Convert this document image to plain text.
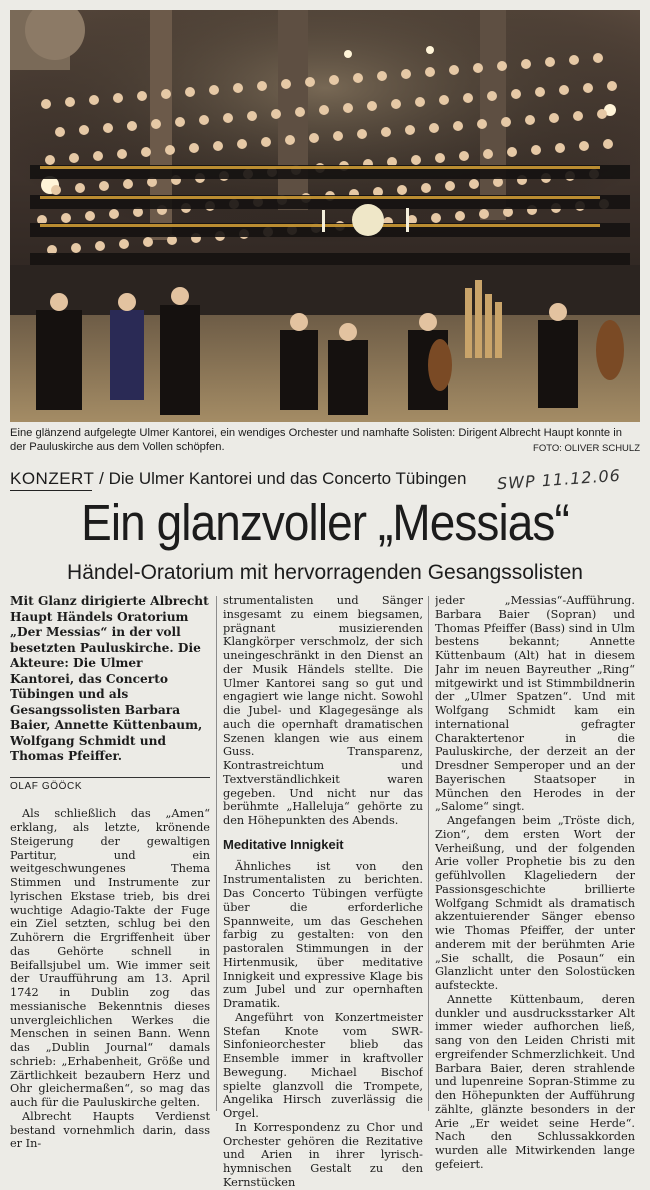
Eine glänzend aufgelegte Ulmer Kantorei, ein wendiges Orchester und namhafte Solisten: Dirigent Albrecht Haupt konnte in der Pauluskirche aus dem Vollen schöpfen.	FOTO: OLIVER SCHULZ
KONZERT / Die Ulmer Kantorei und das Concerto Tübingen	SWP 11.12.06
Ein glanzvoller „Messias“
Händel-Oratorium mit hervorragenden Gesangssolisten
Mit Glanz dirigierte Albrecht Haupt Händels Oratorium „Der Messias“ in der voll besetzten Pauluskirche. Die Akteure: Die Ulmer Kantorei, das Concerto Tübingen und als Gesangssolisten Barbara Baier, Annette Küttenbaum, Wolfgang Schmidt und Thomas Pfeiffer.
OLAF GÖÖCK

Als schließlich das „Amen“ erklang, als letzte, krönende Steigerung der gewaltigen Partitur, und ein weitgeschwungenes Thema Stimmen und Instrumente zur lyrischen Ekstase trieb, bis drei wuchtige Adagio-Takte der Fuge ein Ziel setzten, schlug bei den Zuhörern die Ergriffenheit über das Gehörte schnell in Beifallsjubel um. Wie immer seit der Uraufführung am 13. April 1742 in Dublin zog das messianische Bekenntnis dieses unvergleichlichen Werkes die Menschen in seinen Bann. Wenn das „Dublin Journal“ damals schrieb: „Erhabenheit, Größe und Zärtlichkeit bezaubern Herz und Ohr gleichermaßen“, so mag das auch für die Pauluskirche gelten.

Albrecht Haupts Verdienst bestand vornehmlich darin, dass er In-

strumentalisten und Sänger insgesamt zu einem biegsamen, prägnant musizierenden Klangkörper verschmolz, der sich uneingeschränkt in den Dienst an der Musik Händels stellte. Die Ulmer Kantorei sang so gut und engagiert wie lange nicht. Sowohl die Jubel- und Klagegesänge als auch die opernhaft dramatischen Szenen klangen wie aus einem Guss. Transparenz, Kontrastreichtum und Textverständlichkeit waren gegeben. Und nicht nur das berühmte „Halleluja“ gehörte zu den Höhepunkten des Abends.

Meditative Innigkeit

Ähnliches ist von den Instrumentalisten zu berichten. Das Concerto Tübingen verfügte über die erforderliche Spannweite, um das Geschehen farbig zu gestalten: von den pastoralen Stimmungen in der Hirtenmusik, über meditative Innigkeit und expressive Klage bis zum Jubel und zur opernhaften Dramatik.

Angeführt von Konzertmeister Stefan Knote vom SWR-Sinfonieorchester blieb das Ensemble immer in kraftvoller Bewegung. Michael Bischof spielte glanzvoll die Trompete, Angelika Hirsch zuverlässig die Orgel.

In Korrespondenz zu Chor und Orchester gehören die Rezitative und Arien in ihrer lyrisch-hymnischen Gestalt zu den Kernstücken

jeder „Messias“-Aufführung. Barbara Baier (Sopran) und Thomas Pfeiffer (Bass) sind in Ulm bestens bekannt; Annette Küttenbaum (Alt) hat in diesem Jahr im neuen Bayreuther „Ring“ mitgewirkt und ist Stimmbildnerin der „Ulmer Spatzen“. Und mit Wolfgang Schmidt kam ein international gefragter Charaktertenor in die Pauluskirche, der derzeit an der Dresdner Semperoper und an der Bayerischen Staatsoper in München den Herodes in der „Salome“ singt.

Angefangen beim „Tröste dich, Zion“, dem ersten Wort der Verheißung, und der folgenden Arie voller Prophetie bis zu den gefühlvollen Klageliedern der Passionsgeschichte brillierte Wolfgang Schmidt als dramatisch akzentuierender Sänger ebenso wie Thomas Pfeiffer, der unter anderem mit der berühmten Arie „Sie schallt, die Posaun“ ein Glanzlicht unter den Solostücken aufsteckte.

Annette Küttenbaum, deren dunkler und ausdrucksstarker Alt immer wieder aufhorchen ließ, sang von den Leiden Christi mit ergreifender Schmerzlichkeit. Und Barbara Baier, deren strahlende und lupenreine Sopran-Stimme zu den Höhepunkten der Aufführung zählte, glänzte besonders in der Arie „Er weidet seine Herde“. Nach den Schlussakkorden wurden alle Mitwirkenden lange gefeiert.
